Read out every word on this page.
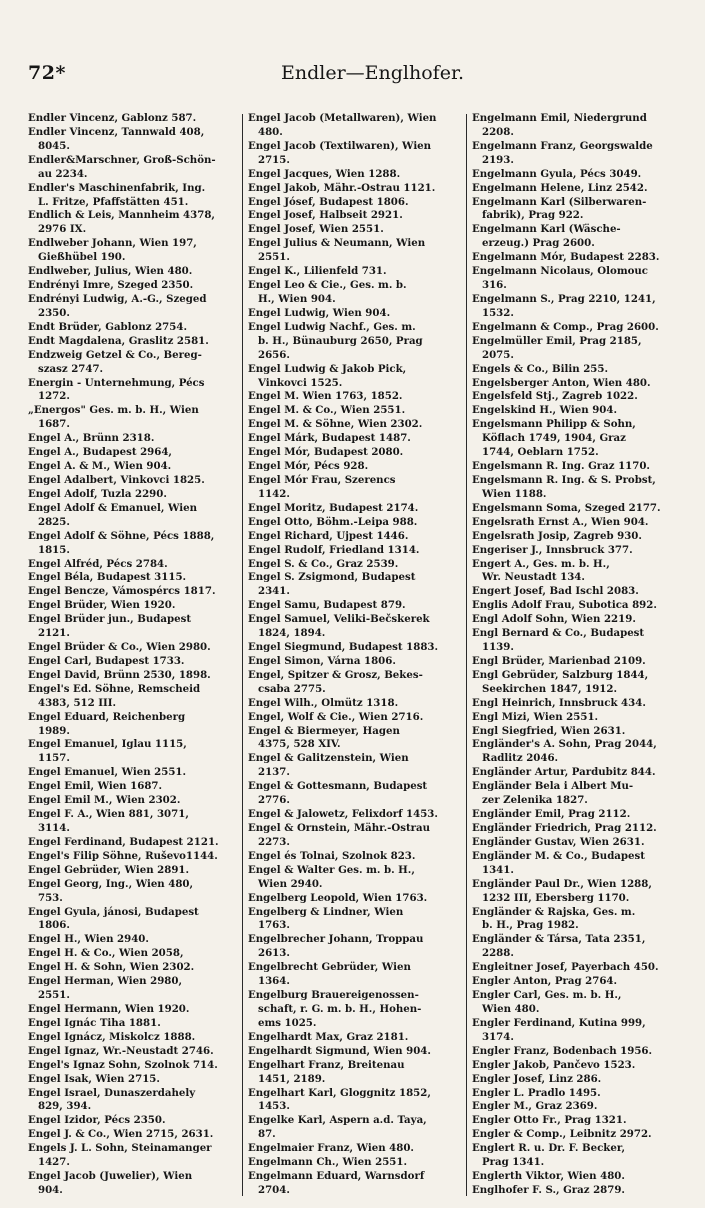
72*	Endler—Englhofer.
Endler Vincenz, Gablonz 587.
Endler Vincenz, Tannwald 408,
8045.
Endler&Marschner, Groß-Schön-
au 2234.
Endler's Maschinenfabrik, Ing.
L. Fritze, Pfaffstätten 451.
Endlich & Leis, Mannheim 4378,
2976 IX.
Endlweber Johann, Wien 197,
Gießhübel 190.
Endlweber, Julius, Wien 480.
Endrényi Imre, Szeged 2350.
Endrényi Ludwig, A.-G., Szeged
2350.
Endt Brüder, Gablonz 2754.
Endt Magdalena, Graslitz 2581.
Endzweig Getzel & Co., Bereg-
szasz 2747.
Energin - Unternehmung, Pécs
1272.
„Energos" Ges. m. b. H., Wien
1687.
Engel A., Brünn 2318.
Engel A., Budapest 2964,
Engel A. & M., Wien 904.
Engel Adalbert, Vinkovci 1825.
Engel Adolf, Tuzla 2290.
Engel Adolf & Emanuel, Wien
2825.
Engel Adolf & Söhne, Pécs 1888,
1815.
Engel Alfréd, Pécs 2784.
Engel Béla, Budapest 3115.
Engel Bencze, Vámospércs 1817.
Engel Brüder, Wien 1920.
Engel Brüder jun., Budapest
2121.
Engel Brüder & Co., Wien 2980.
Engel Carl, Budapest 1733.
Engel David, Brünn 2530, 1898.
Engel's Ed. Söhne, Remscheid
4383, 512 III.
Engel Eduard, Reichenberg
1989.
Engel Emanuel, Iglau 1115,
1157.
Engel Emanuel, Wien 2551.
Engel Emil, Wien 1687.
Engel Emil M., Wien 2302.
Engel F. A., Wien 881, 3071,
3114.
Engel Ferdinand, Budapest 2121.
Engel's Filip Söhne, Ruševo1144.
Engel Gebrüder, Wien 2891.
Engel Georg, Ing., Wien 480,
753.
Engel Gyula, jánosi, Budapest
1806.
Engel H., Wien 2940.
Engel H. & Co., Wien 2058,
Engel H. & Sohn, Wien 2302.
Engel Herman, Wien 2980,
2551.
Engel Hermann, Wien 1920.
Engel Ignác Tiha 1881.
Engel Ignácz, Miskolcz 1888.
Engel Ignaz, Wr.-Neustadt 2746.
Engel's Ignaz Sohn, Szolnok 714.
Engel Isak, Wien 2715.
Engel Israel, Dunaszerdahely
829, 394.
Engel Izidor, Pécs 2350.
Engel J. & Co., Wien 2715, 2631.
Engels J. L. Sohn, Steinamanger
1427.
Engel Jacob (Juwelier), Wien
904.
Engel Jacob (Metallwaren), Wien
480.
Engel Jacob (Textilwaren), Wien
2715.
Engel Jacques, Wien 1288.
Engel Jakob, Mähr.-Ostrau 1121.
Engel Jósef, Budapest 1806.
Engel Josef, Halbseit 2921.
Engel Josef, Wien 2551.
Engel Julius & Neumann, Wien
2551.
Engel K., Lilienfeld 731.
Engel Leo & Cie., Ges. m. b.
H., Wien 904.
Engel Ludwig, Wien 904.
Engel Ludwig Nachf., Ges. m.
b. H., Bünauburg 2650, Prag
2656.
Engel Ludwig & Jakob Pick,
Vinkovci 1525.
Engel M. Wien 1763, 1852.
Engel M. & Co., Wien 2551.
Engel M. & Söhne, Wien 2302.
Engel Márk, Budapest 1487.
Engel Mór, Budapest 2080.
Engel Mór, Pécs 928.
Engel Mór Frau, Szerencs
1142.
Engel Moritz, Budapest 2174.
Engel Otto, Böhm.-Leipa 988.
Engel Richard, Ujpest 1446.
Engel Rudolf, Friedland 1314.
Engel S. & Co., Graz 2539.
Engel S. Zsigmond, Budapest
2341.
Engel Samu, Budapest 879.
Engel Samuel, Veliki-Bečskerek
1824, 1894.
Engel Siegmund, Budapest 1883.
Engel Simon, Várna 1806.
Engel, Spitzer & Grosz, Bekes-
csaba 2775.
Engel Wilh., Olmütz 1318.
Engel, Wolf & Cie., Wien 2716.
Engel & Biermeyer, Hagen
4375, 528 XIV.
Engel & Galitzenstein, Wien
2137.
Engel & Gottesmann, Budapest
2776.
Engel & Jalowetz, Felixdorf 1453.
Engel & Ornstein, Mähr.-Ostrau
2273.
Engel és Tolnai, Szolnok 823.
Engel & Walter Ges. m. b. H.,
Wien 2940.
Engelberg Leopold, Wien 1763.
Engelberg & Lindner, Wien
1763.
Engelbrecher Johann, Troppau
2613.
Engelbrecht Gebrüder, Wien
1364.
Engelburg Brauereigenossen-
schaft, r. G. m. b. H., Hohen-
ems 1025.
Engelhardt Max, Graz 2181.
Engelhardt Sigmund, Wien 904.
Engelhart Franz, Breitenau
1451, 2189.
Engelhart Karl, Gloggnitz 1852,
1453.
Engelke Karl, Aspern a.d. Taya,
87.
Engelmaier Franz, Wien 480.
Engelmann Ch., Wien 2551.
Engelmann Eduard, Warnsdorf
2704.
Engelmann Emil, Niedergrund
2208.
Engelmann Franz, Georgswalde
2193.
Engelmann Gyula, Pécs 3049.
Engelmann Helene, Linz 2542.
Engelmann Karl (Silberwaren-
fabrik), Prag 922.
Engelmann Karl (Wäsche-
erzeug.) Prag 2600.
Engelmann Mór, Budapest 2283.
Engelmann Nicolaus, Olomouc
316.
Engelmann S., Prag 2210, 1241,
1532.
Engelmann & Comp., Prag 2600.
Engelmüller Emil, Prag 2185,
2075.
Engels & Co., Bilin 255.
Engelsberger Anton, Wien 480.
Engelsfeld Stj., Zagreb 1022.
Engelskind H., Wien 904.
Engelsmann Philipp & Sohn,
Köflach 1749, 1904, Graz
1744, Oeblarn 1752.
Engelsmann R. Ing. Graz 1170.
Engelsmann R. Ing. & S. Probst,
Wien 1188.
Engelsmann Soma, Szeged 2177.
Engelsrath Ernst A., Wien 904.
Engelsrath Josip, Zagreb 930.
Engeriser J., Innsbruck 377.
Engert A., Ges. m. b. H.,
Wr. Neustadt 134.
Engert Josef, Bad Ischl 2083.
Englis Adolf Frau, Subotica 892.
Engl Adolf Sohn, Wien 2219.
Engl Bernard & Co., Budapest
1139.
Engl Brüder, Marienbad 2109.
Engl Gebrüder, Salzburg 1844,
Seekirchen 1847, 1912.
Engl Heinrich, Innsbruck 434.
Engl Mizi, Wien 2551.
Engl Siegfried, Wien 2631.
Engländer's A. Sohn, Prag 2044,
Radlitz 2046.
Engländer Artur, Pardubitz 844.
Engländer Bela i Albert Mu-
zer Zelenika 1827.
Engländer Emil, Prag 2112.
Engländer Friedrich, Prag 2112.
Engländer Gustav, Wien 2631.
Engländer M. & Co., Budapest
1341.
Engländer Paul Dr., Wien 1288,
1232 III, Ebersberg 1170.
Engländer & Rajska, Ges. m.
b. H., Prag 1982.
Engländer & Társa, Tata 2351,
2288.
Engleitner Josef, Payerbach 450.
Engler Anton, Prag 2764.
Engler Carl, Ges. m. b. H.,
Wien 480.
Engler Ferdinand, Kutina 999,
3174.
Engler Franz, Bodenbach 1956.
Engler Jakob, Pančevo 1523.
Engler Josef, Linz 286.
Engler L. Pradlo 1495.
Engler M., Graz 2369.
Engler Otto Fr., Prag 1321.
Engler & Comp., Leibnitz 2972.
Englert R. u. Dr. F. Becker,
Prag 1341.
Englerth Viktor, Wien 480.
Englhofer F. S., Graz 2879.
